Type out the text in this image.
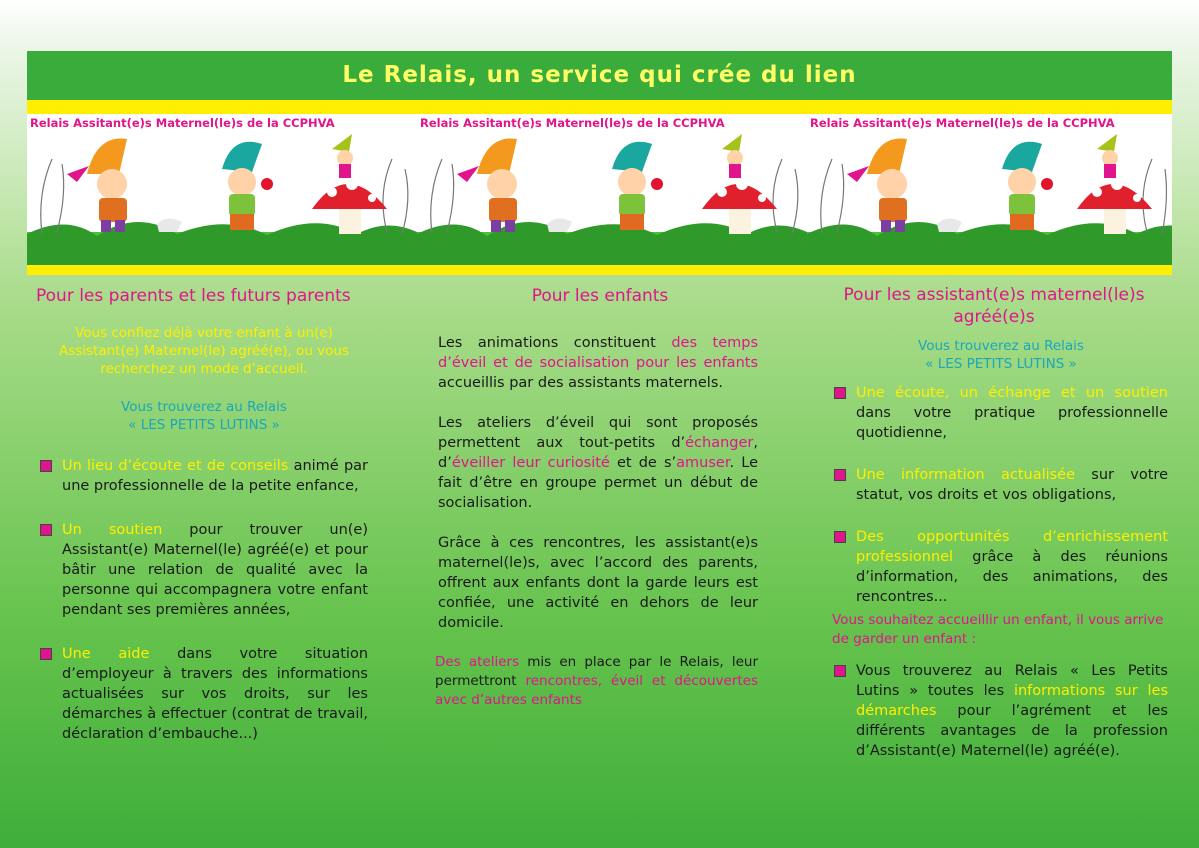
Le Relais, un service qui crée du lien
Relais Assitant(e)s Maternel(le)s de la CCPHVA	Relais Assitant(e)s Maternel(le)s de la CCPHVA	Relais Assitant(e)s Maternel(le)s de la CCPHVA
Pour les parents et les futurs parents

Vous confiez déjà votre enfant à un(e) Assistant(e) Maternel(le) agréé(e), ou vous recherchez un mode d’accueil.

Vous trouverez au Relais

« LES PETITS LUTINS »

Un lieu d’écoute et de conseils animé par une professionnelle de la petite enfance,
Un soutien pour trouver un(e) Assistant(e) Maternel(le) agréé(e) et pour bâtir une relation de qualité avec la personne qui accompagnera votre enfant pendant ses premières années,
Une aide dans votre situation d’employeur à travers des informations actualisées sur vos droits, sur les démarches à effectuer (contrat de travail, déclaration d’embauche...)
Pour les enfants

Les animations constituent des temps d’éveil et de socialisation pour les enfants accueillis par des assistants maternels.

Les ateliers d’éveil qui sont proposés permettent aux tout-petits d’échanger, d’éveiller leur curiosité et de s’amuser. Le fait d’être en groupe permet un début de socialisation.

Grâce à ces rencontres, les assistant(e)s maternel(le)s, avec l’accord des parents, offrent aux enfants dont la garde leurs est confiée, une activité en dehors de leur domicile.

Des ateliers mis en place par le Relais, leur permettront rencontres, éveil et découvertes avec d’autres enfants

Pour les assistant(e)s maternel(le)s agréé(e)s

Vous trouverez au Relais

« LES PETITS LUTINS »

Une écoute, un échange et un soutien dans votre pratique professionnelle quotidienne,
Une information actualisée sur votre statut, vos droits et vos obligations,
Des opportunités d’enrichissement professionnel grâce à des réunions d’information, des animations, des rencontres...

Vous souhaitez accueillir un enfant, il vous arrive de garder un enfant :

Vous trouverez au Relais « Les Petits Lutins » toutes les informations sur les démarches pour l’agrément et les différents avantages de la profession d’Assistant(e) Maternel(le) agréé(e).
